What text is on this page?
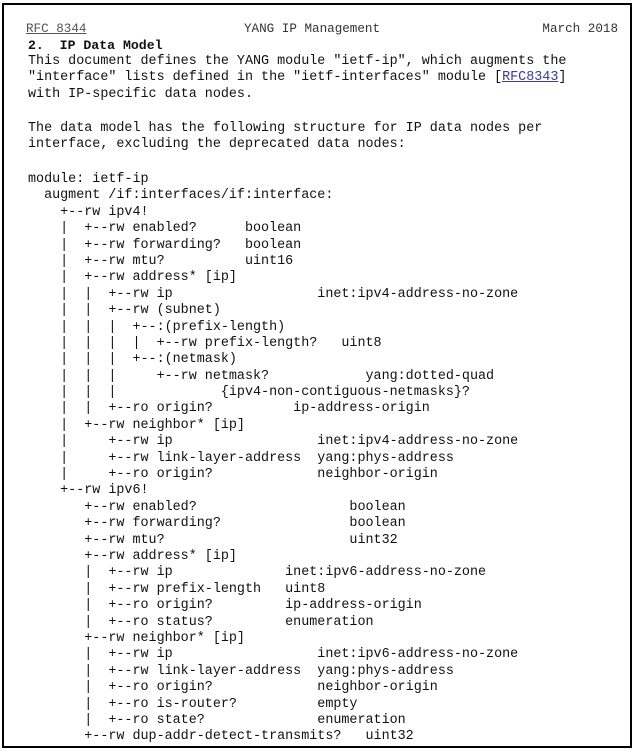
RFC 8344	YANG IP Management	March 2018
2.  IP Data Model
This document defines the YANG module "ietf-ip", which augments the
"interface" lists defined in the "ietf-interfaces" module [RFC8343]
with IP-specific data nodes.
The data model has the following structure for IP data nodes per
interface, excluding the deprecated data nodes:
module: ietf-ip
augment /if:interfaces/if:interface:
+--rw ipv4!
|  +--rw enabled?      boolean
|  +--rw forwarding?   boolean
|  +--rw mtu?          uint16
|  +--rw address* [ip]
|  |  +--rw ip                  inet:ipv4-address-no-zone
|  |  +--rw (subnet)
|  |  |  +--:(prefix-length)
|  |  |  |  +--rw prefix-length?   uint8
|  |  |  +--:(netmask)
|  |  |     +--rw netmask?            yang:dotted-quad
|  |  |             {ipv4-non-contiguous-netmasks}?
|  |  +--ro origin?          ip-address-origin
|  +--rw neighbor* [ip]
|     +--rw ip                  inet:ipv4-address-no-zone
|     +--rw link-layer-address  yang:phys-address
|     +--ro origin?             neighbor-origin
+--rw ipv6!
+--rw enabled?                   boolean
+--rw forwarding?                boolean
+--rw mtu?                       uint32
+--rw address* [ip]
|  +--rw ip              inet:ipv6-address-no-zone
|  +--rw prefix-length   uint8
|  +--ro origin?         ip-address-origin
|  +--ro status?         enumeration
+--rw neighbor* [ip]
|  +--rw ip                  inet:ipv6-address-no-zone
|  +--rw link-layer-address  yang:phys-address
|  +--ro origin?             neighbor-origin
|  +--ro is-router?          empty
|  +--ro state?              enumeration
+--rw dup-addr-detect-transmits?   uint32
